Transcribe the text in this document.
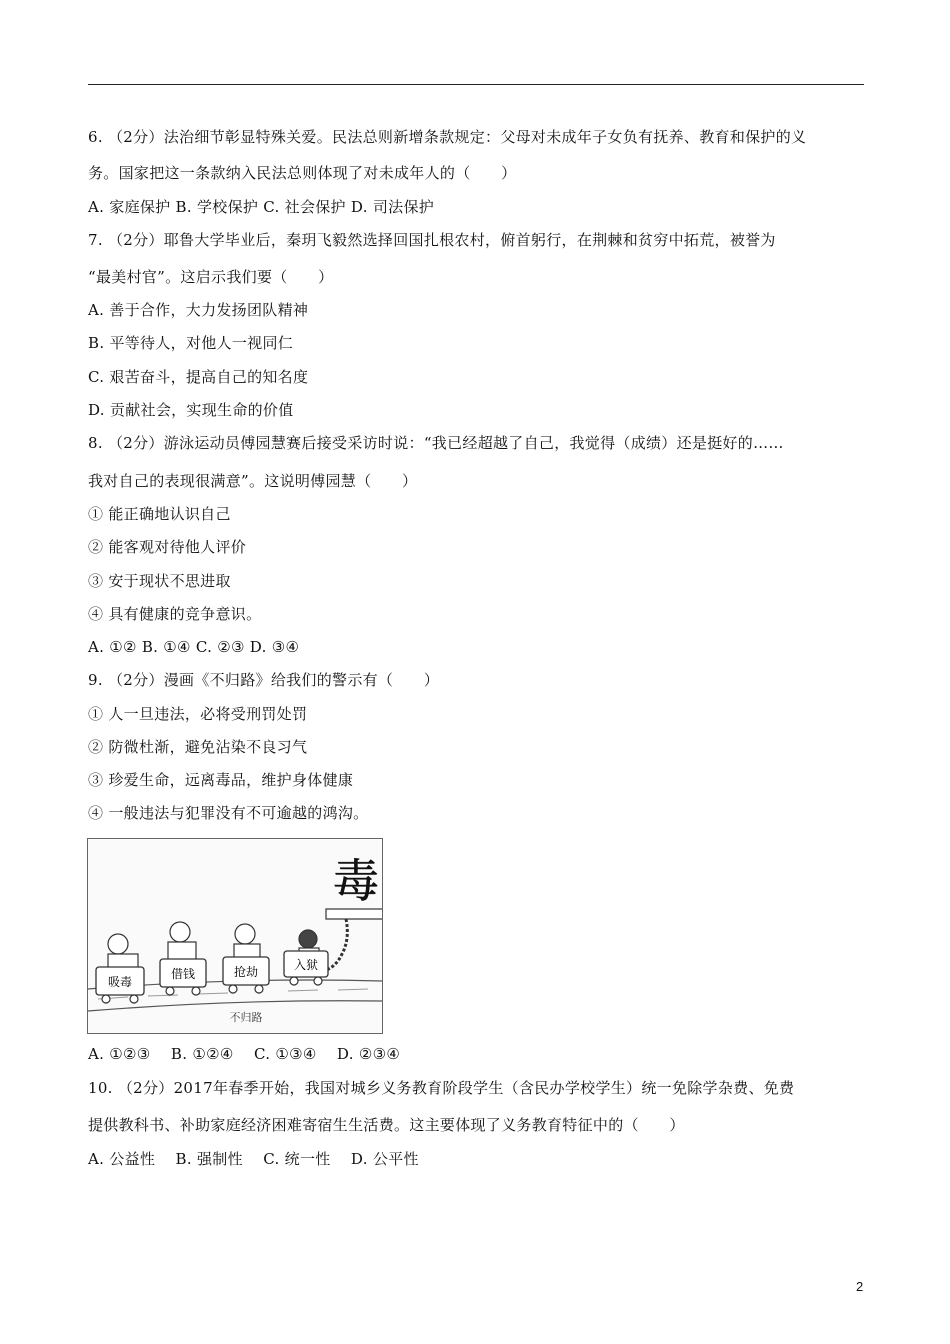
6. （2分）法治细节彰显特殊关爱。民法总则新增条款规定：父母对未成年子女负有抚养、教育和保护的义
务。国家把这一条款纳入民法总则体现了对未成年人的（　　）
A. 家庭保护 B. 学校保护 C. 社会保护 D. 司法保护
7. （2分）耶鲁大学毕业后，秦玥飞毅然选择回国扎根农村，俯首躬行，在荆棘和贫穷中拓荒，被誉为
“最美村官”。这启示我们要（　　）
A. 善于合作，大力发扬团队精神
B. 平等待人，对他人一视同仁
C. 艰苦奋斗，提高自己的知名度
D. 贡献社会，实现生命的价值
8. （2分）游泳运动员傅园慧赛后接受采访时说：“我已经超越了自己，我觉得（成绩）还是挺好的……
我对自己的表现很满意”。这说明傅园慧（　　）
① 能正确地认识自己
② 能客观对待他人评价
③ 安于现状不思进取
④ 具有健康的竞争意识。
A. ①② B. ①④ C. ②③ D. ③④
9. （2分）漫画《不归路》给我们的警示有（　　）
① 人一旦违法，必将受刑罚处罚
② 防微杜渐，避免沾染不良习气
③ 珍爱生命，远离毒品，维护身体健康
④ 一般违法与犯罪没有不可逾越的鸿沟。
毒
吸毒
借钱	抢劫	入狱
不归路
A. ①②③　 B. ①②④　 C. ①③④　 D. ②③④
10. （2分）2017年春季开始，我国对城乡义务教育阶段学生（含民办学校学生）统一免除学杂费、免费
提供教科书、补助家庭经济困难寄宿生生活费。这主要体现了义务教育特征中的（　　）
A. 公益性　 B. 强制性　 C. 统一性　 D. 公平性
2
